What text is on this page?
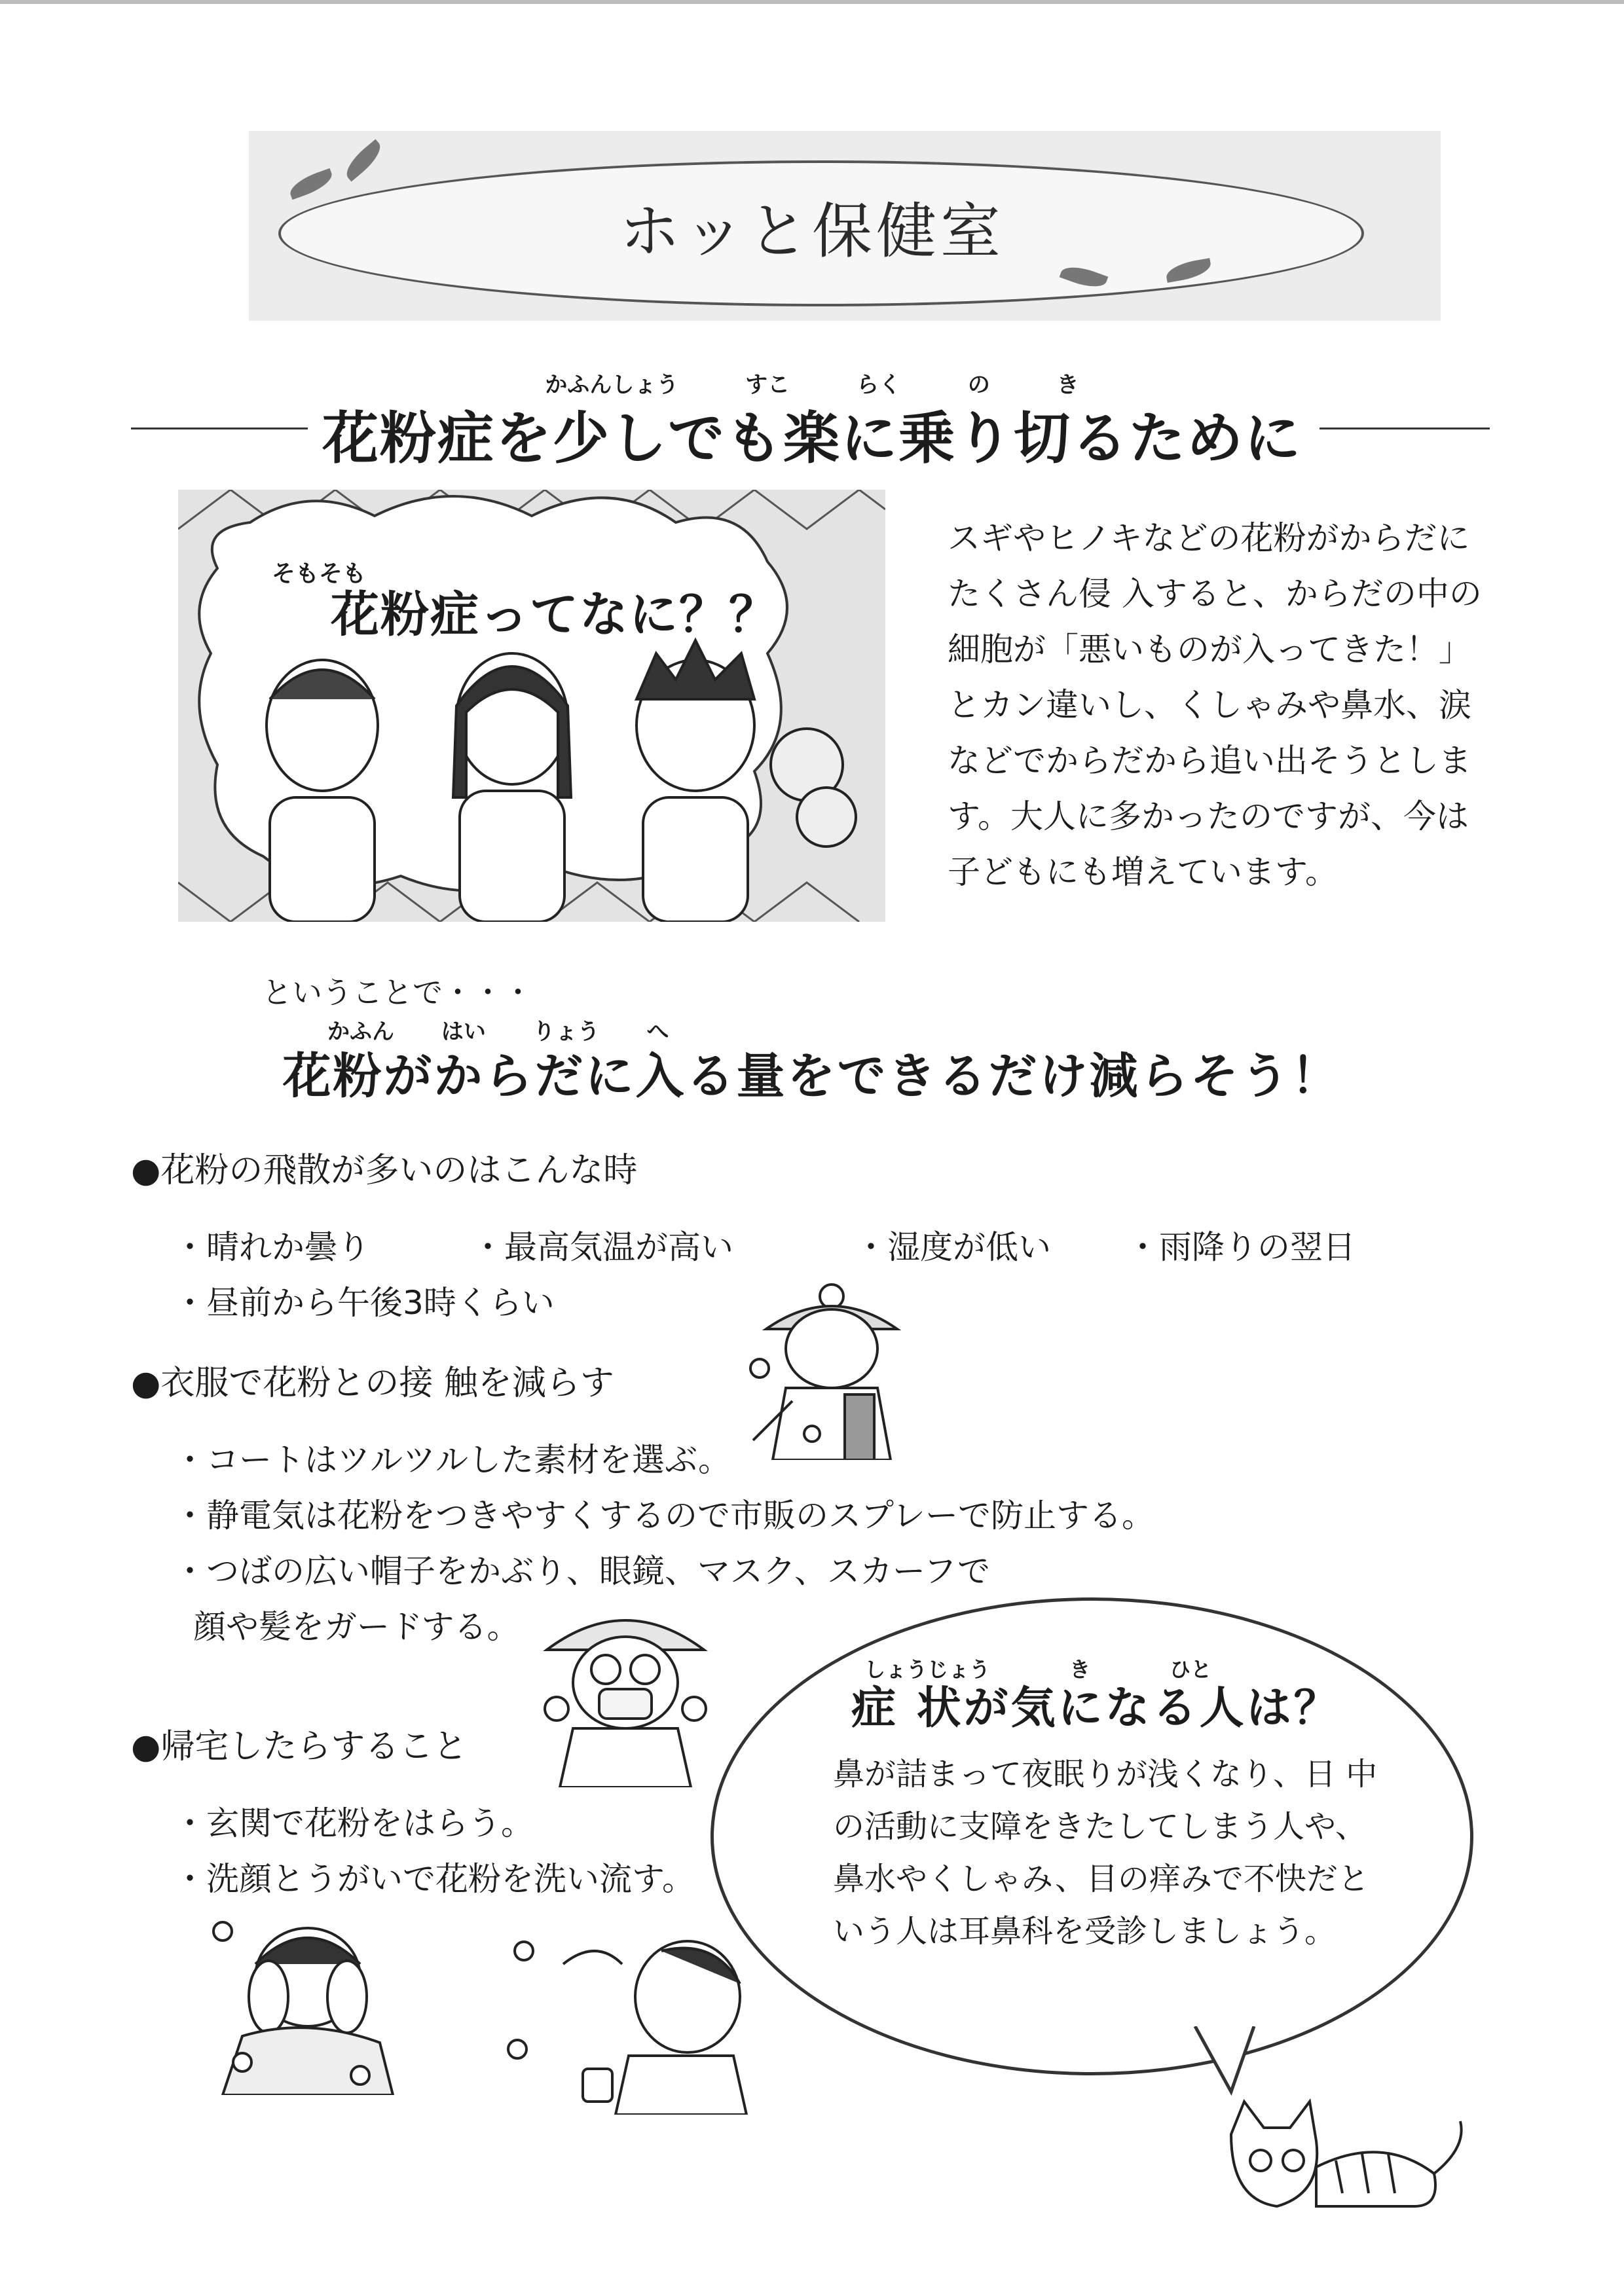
ホッと保健室
かふんしょう すこ らく の き
花粉症を少しでも楽に乗り切るために
そもそも
花粉症ってなに？？
スギやヒノキなどの花粉がからだに
たくさん侵 入すると、からだの中の
細胞が「悪いものが入ってきた！」
とカン違いし、くしゃみや鼻水、涙
などでからだから追い出そうとしま
す。大人に多かったのですが、今は
子どもにも増えています。
ということで・・・
かふん はい りょう へ
花粉がからだに入る量をできるだけ減らそう！
●花粉の飛散が多いのはこんな時
・晴れか曇り	・最高気温が高い	・湿度が低い ・雨降りの翌日
・昼前から午後3時くらい
●衣服で花粉との接 触を減らす
・コートはツルツルした素材を選ぶ。
・静電気は花粉をつきやすくするので市販のスプレーで防止する。
・つばの広い帽子をかぶり、眼鏡、マスク、スカーフで
顔や髪をガードする。
●帰宅したらすること
・玄関で花粉をはらう。
・洗顔とうがいで花粉を洗い流す。
しょうじょう き ひと
症 状が気になる人は？
鼻が詰まって夜眠りが浅くなり、日 中
の活動に支障をきたしてしまう人や、
鼻水やくしゃみ、目の痒みで不快だと
いう人は耳鼻科を受診しましょう。
